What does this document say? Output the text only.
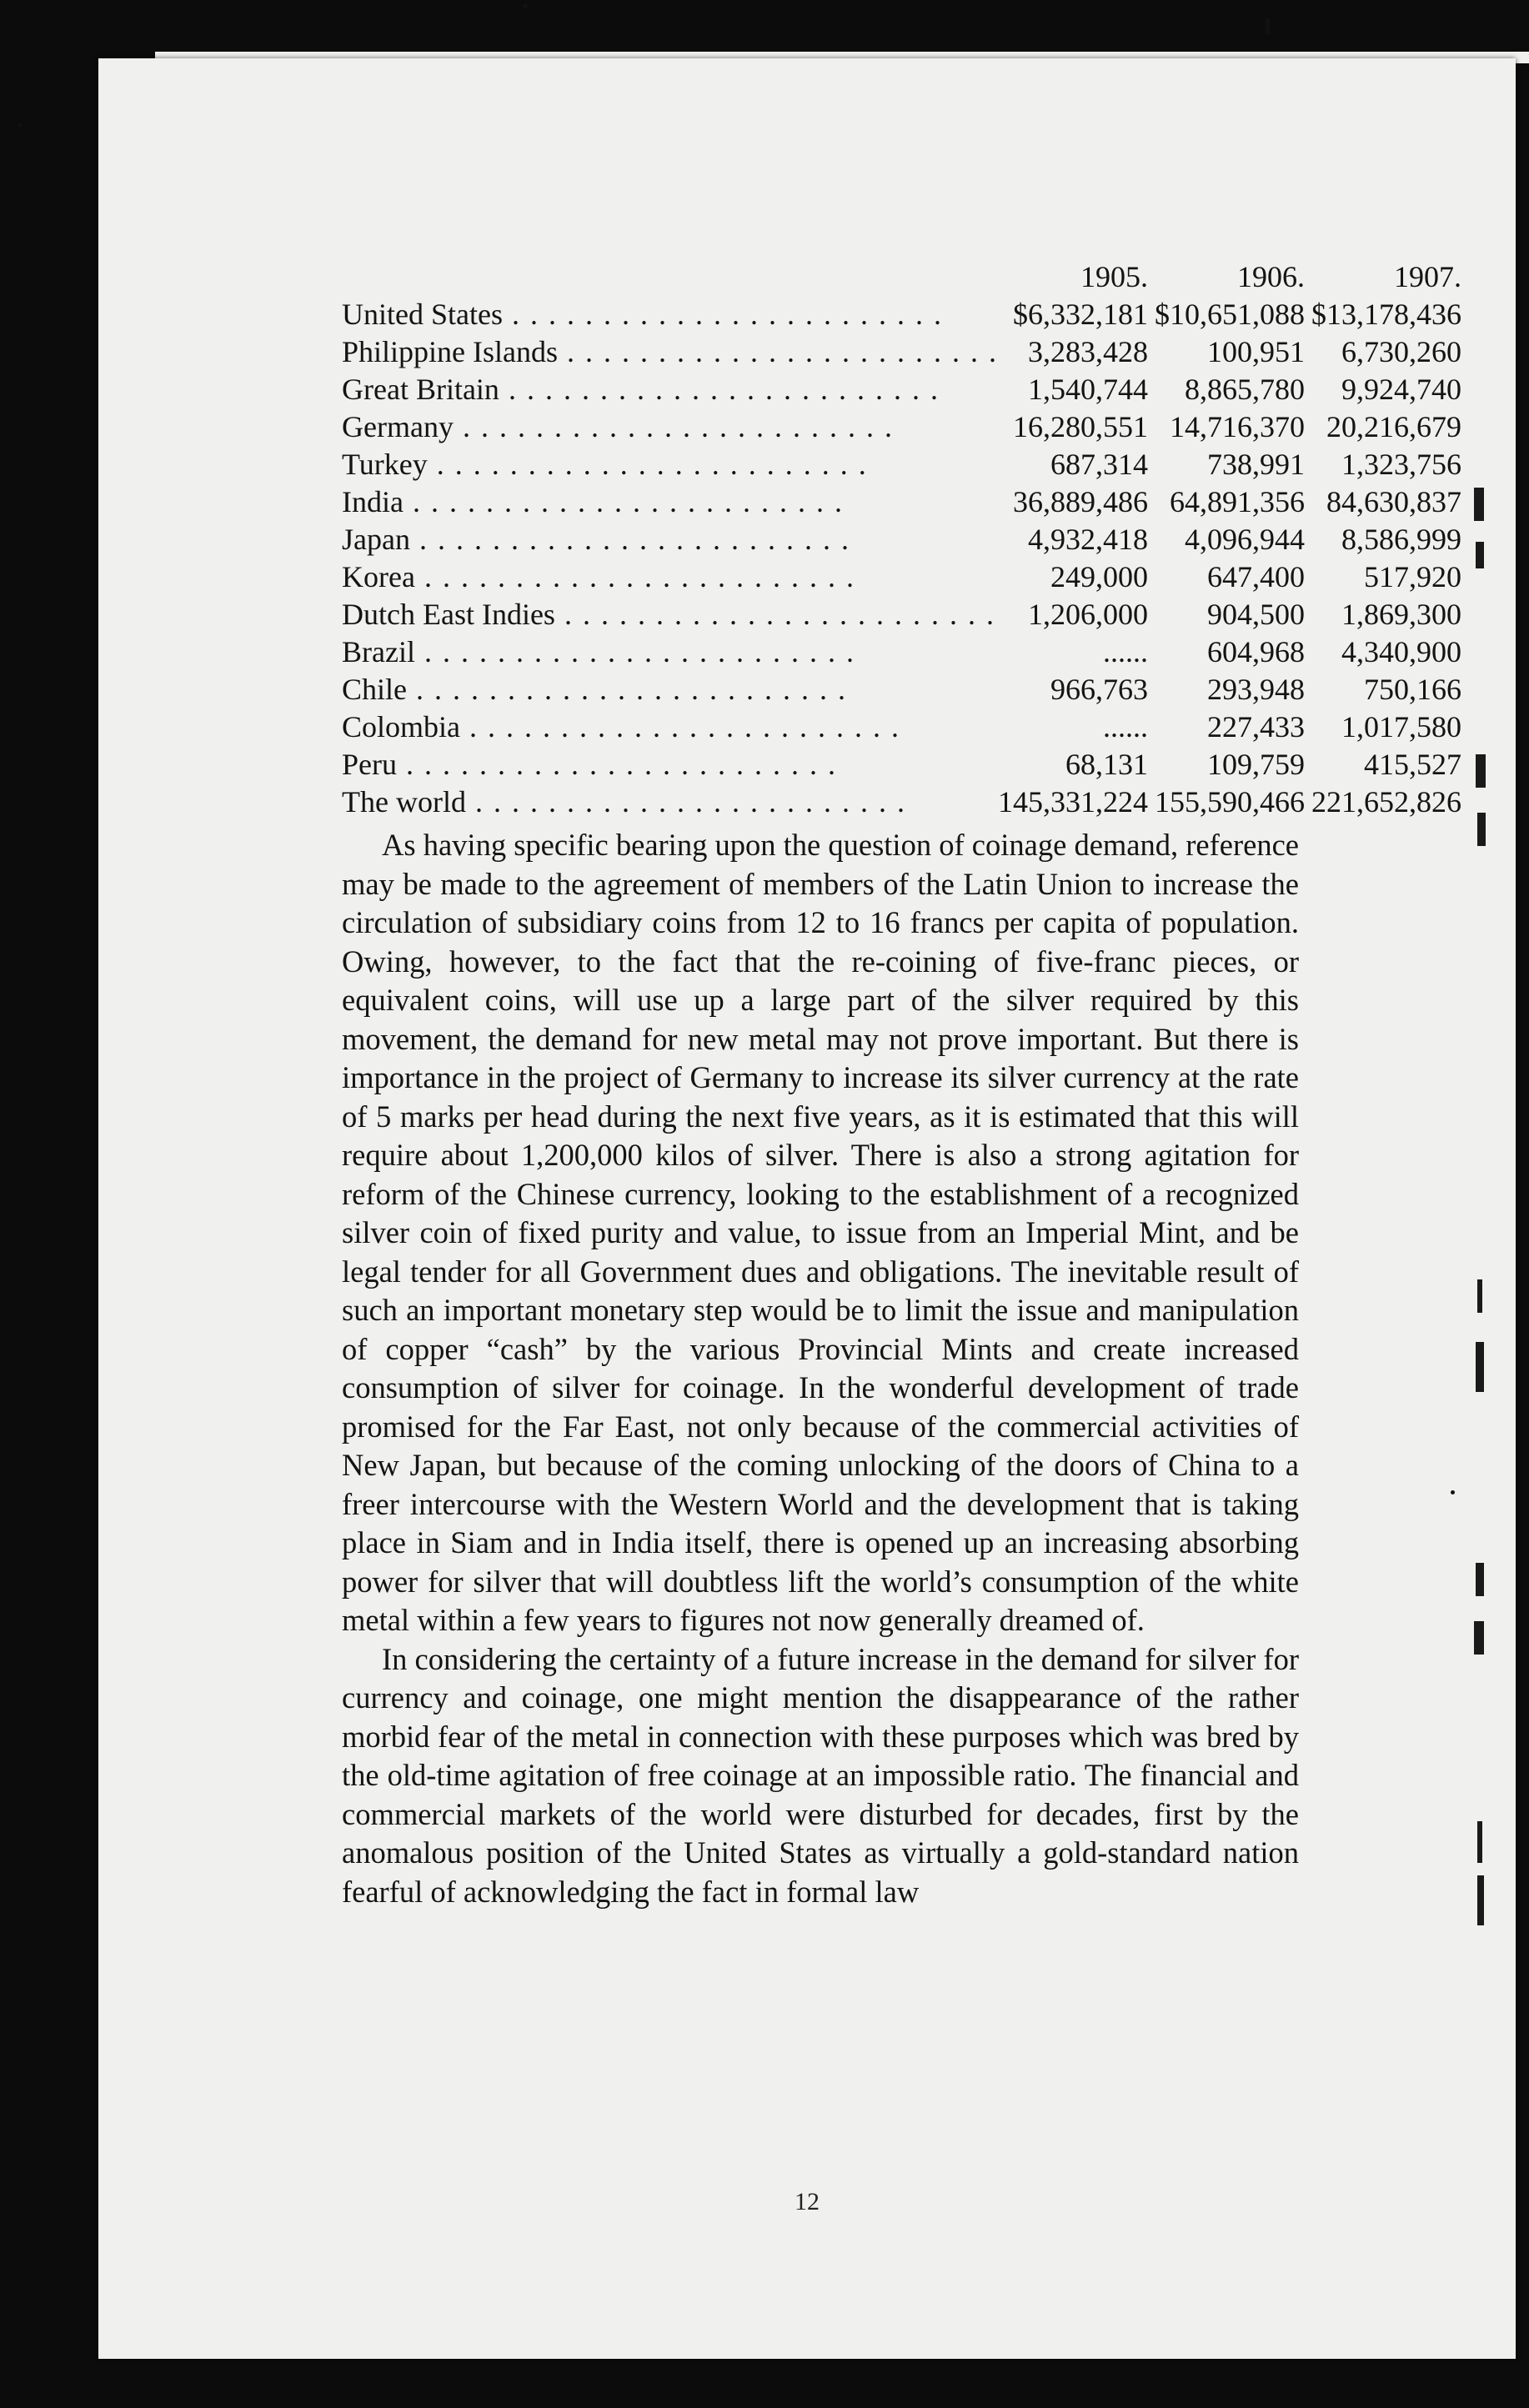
12
	1905.	1906.	1907.
United States . . .	$6,332,181	$10,651,088	$13,178,436
Philippine Islands . . .	3,283,428	100,951	6,730,260
Great Britain . . .	1,540,744	8,865,780	9,924,740
Germany . . .	16,280,551	14,716,370	20,216,679
Turkey . . .	687,314	738,991	1,323,756
India . . .	36,889,486	64,891,356	84,630,837
Japan . . .	4,932,418	4,096,944	8,586,999
Korea . . .	249,000	647,400	517,920
Dutch East Indies . . .	1,206,000	904,500	1,869,300
Brazil . . .	......	604,968	4,340,900
Chile . . .	966,763	293,948	750,166
Colombia . . .	......	227,433	1,017,580
Peru . . .	68,131	109,759	415,527
The world . . .	145,331,224	155,590,466	221,652,826

As having specific bearing upon the question of coinage demand, reference may be made to the agreement of members of the Latin Union to increase the circulation of subsidiary coins from 12 to 16 francs per capita of population. Owing, however, to the fact that the re-coining of five-franc pieces, or equivalent coins, will use up a large part of the silver required by this movement, the demand for new metal may not prove important. But there is importance in the project of Germany to increase its silver currency at the rate of 5 marks per head during the next five years, as it is estimated that this will require about 1,200,000 kilos of silver. There is also a strong agitation for reform of the Chinese currency, looking to the establishment of a recognized silver coin of fixed purity and value, to issue from an Imperial Mint, and be legal tender for all Government dues and obligations. The inevitable result of such an important monetary step would be to limit the issue and manipulation of copper “cash” by the various Provincial Mints and create increased consumption of silver for coinage. In the wonderful development of trade promised for the Far East, not only because of the commercial activities of New Japan, but because of the coming unlocking of the doors of China to a freer intercourse with the Western World and the development that is taking place in Siam and in India itself, there is opened up an increasing absorbing power for silver that will doubtless lift the world’s consumption of the white metal within a few years to figures not now generally dreamed of.

In considering the certainty of a future increase in the demand for silver for currency and coinage, one might mention the disappearance of the rather morbid fear of the metal in connection with these purposes which was bred by the old-time agitation of free coinage at an impossible ratio. The financial and commercial markets of the world were disturbed for decades, first by the anomalous position of the United States as virtually a gold-standard nation fearful of acknowledging the fact in formal law
